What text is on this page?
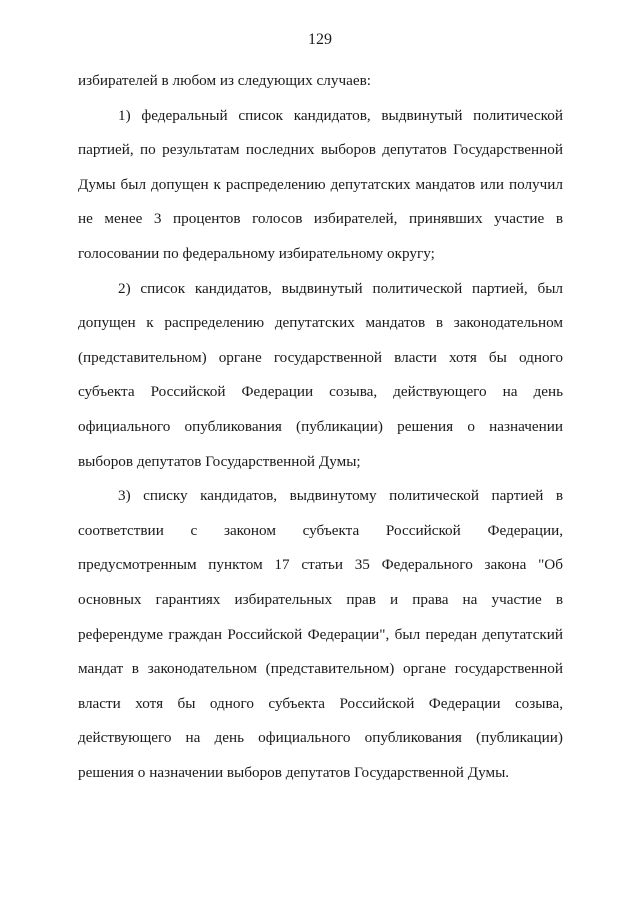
129

избирателей в любом из следующих случаев:

1) федеральный список кандидатов, выдвинутый политической партией, по результатам последних выборов депутатов Государственной Думы был допущен к распределению депутатских мандатов или получил не менее 3 процентов голосов избирателей, принявших участие в голосовании по федеральному избирательному округу;

2) список кандидатов, выдвинутый политической партией, был допущен к распределению депутатских мандатов в законодательном (представительном) органе государственной власти хотя бы одного субъекта Российской Федерации созыва, действующего на день официального опубликования (публикации) решения о назначении выборов депутатов Государственной Думы;

3) списку кандидатов, выдвинутому политической партией в соответствии с законом субъекта Российской Федерации, предусмотренным пунктом 17 статьи 35 Федерального закона "Об основных гарантиях избирательных прав и права на участие в референдуме граждан Российской Федерации", был передан депутатский мандат в законодательном (представительном) органе государственной власти хотя бы одного субъекта Российской Федерации созыва, действующего на день официального опубликования (публикации) решения о назначении выборов депутатов Государственной Думы.
